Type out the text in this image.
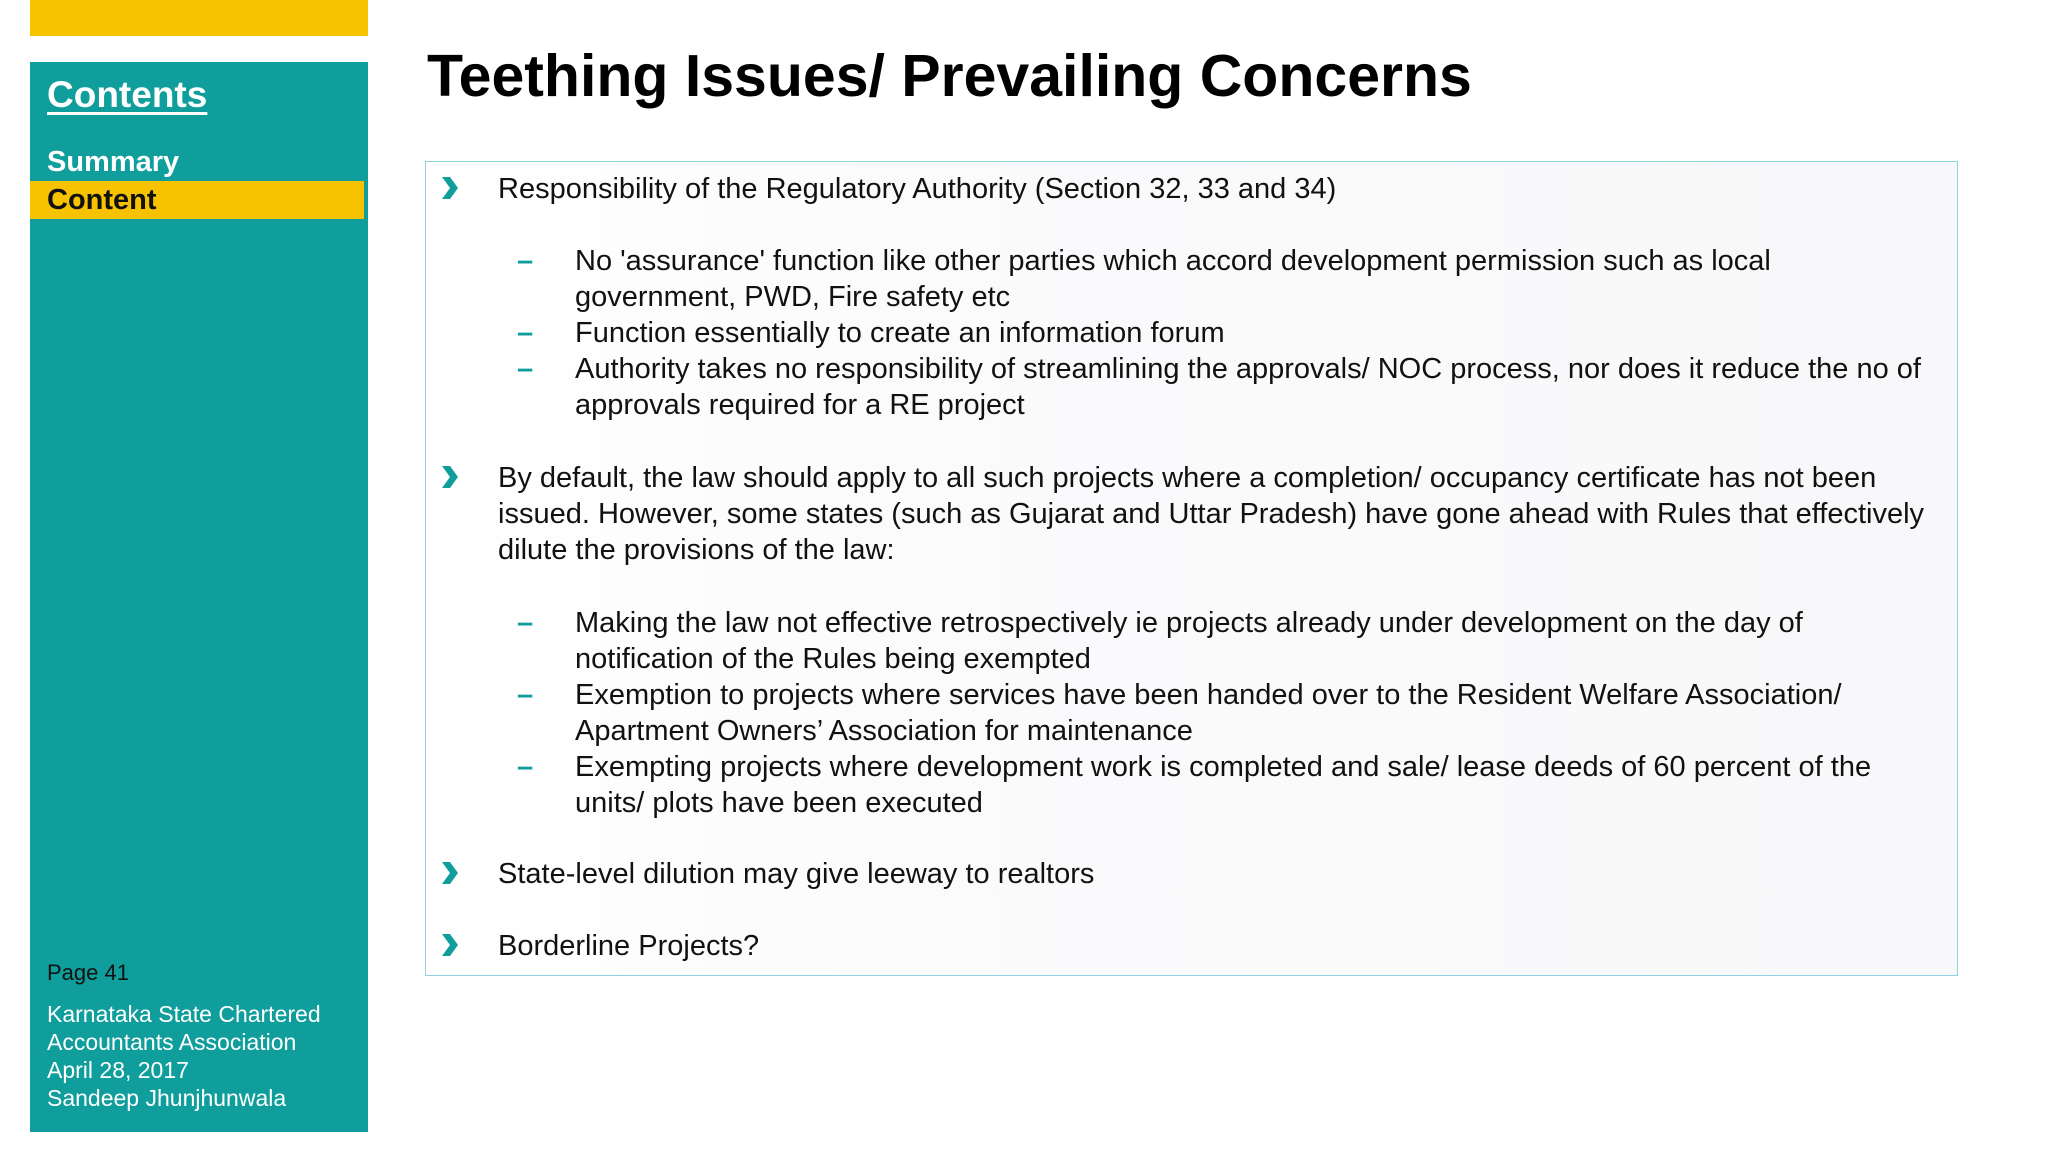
Contents
Summary
Content
Page 41
Karnataka State Chartered
Accountants Association
April 28, 2017
Sandeep Jhunjhunwala
Teething Issues/ Prevailing Concerns
Responsibility of the Regulatory Authority (Section 32, 33 and 34)
– No 'assurance' function like other parties which accord development permission such as local government, PWD, Fire safety etc
– Function essentially to create an information forum
– Authority takes no responsibility of streamlining the approvals/ NOC process, nor does it reduce the no of approvals required for a RE project
By default, the law should apply to all such projects where a completion/ occupancy certificate has not been issued. However, some states (such as Gujarat and Uttar Pradesh) have gone ahead with Rules that effectively dilute the provisions of the law:
– Making the law not effective retrospectively ie projects already under development on the day of notification of the Rules being exempted
– Exemption to projects where services have been handed over to the Resident Welfare Association/ Apartment Owners’ Association for maintenance
– Exempting projects where development work is completed and sale/ lease deeds of 60 percent of the units/ plots have been executed
State-level dilution may give leeway to realtors
Borderline Projects?
